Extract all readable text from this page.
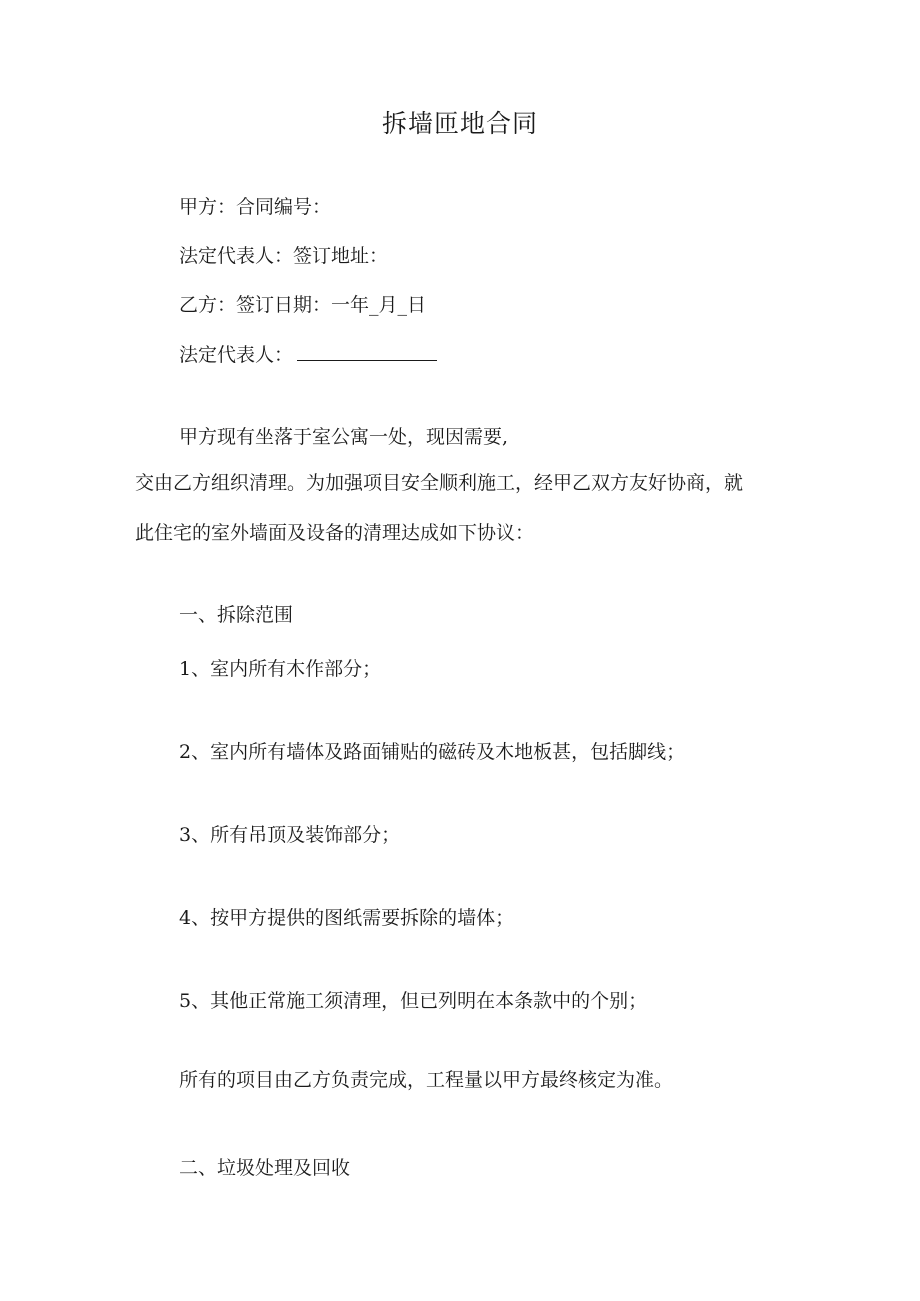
拆墙匝地合同

甲方：合同编号：

法定代表人：签订地址：

乙方：签订日期：一年_月_日

法定代表人：

甲方现有坐落于室公寓一处，现因需要,

交由乙方组织清理。为加强项目安全顺利施工，经甲乙双方友好协商，就

此住宅的室外墙面及设备的清理达成如下协议：

一、拆除范围

1、室内所有木作部分；

2、室内所有墙体及路面铺贴的磁砖及木地板甚，包括脚线；

3、所有吊顶及装饰部分；

4、按甲方提供的图纸需要拆除的墙体；

5、其他正常施工须清理，但已列明在本条款中的个别；

所有的项目由乙方负责完成，工程量以甲方最终核定为准。

二、垃圾处理及回收
